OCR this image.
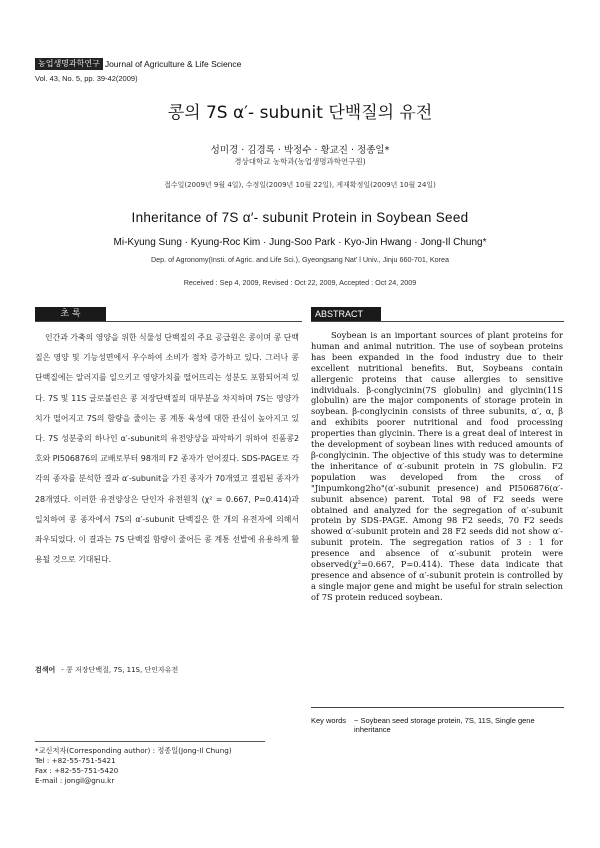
농업생명과학연구 Journal of Agriculture & Life Science
Vol. 43, No. 5, pp. 39-42(2009)
콩의 7S α′- subunit 단백질의 유전
성미경 · 김경록 · 박정수 · 황교진 · 정종일*
경상대학교 농학과(농업생명과학연구원)
접수일(2009년 9월 4일), 수정일(2009년 10월 22일), 게재확정일(2009년 10월 24일)
Inheritance of 7S α′- subunit Protein in Soybean Seed
Mi-Kyung Sung · Kyung-Roc Kim · Jung-Soo Park · Kyo-Jin Hwang · Jong-Il Chung*
Dep. of Agronomy(Insti. of Agric. and Life Sci.), Gyeongsang Nat' l Univ., Jinju 660-701, Korea
Received : Sep 4, 2009, Revised : Oct 22, 2009, Accepted : Oct 24, 2009
초 록	ABSTRACT

인간과 가축의 영양을 위한 식물성 단백질의 주요 공급원은 콩이며 콩 단백질은 영양 및 기능성면에서 우수하여 소비가 점차 증가하고 있다. 그러나 콩 단백질에는 알러지를 일으키고 영양가치를 떨어뜨리는 성분도 포함되어져 있다. 7S 및 11S 글로불린은 콩 저장단백질의 대부분을 차지하며 7S는 영양가치가 떨어지고 7S의 함량을 줄이는 콩 계통 육성에 대한 관심이 높아지고 있다. 7S 성분중의 하나인 α′-subunit의 유전양상을 파악하기 위하여 진품콩2호와 PI506876의 교배로부터 98개의 F2 종자가 얻어졌다. SDS-PAGE로 각각의 종자를 분석한 결과 α′-subunit을 가진 종자가 70개였고 결핍된 종자가 28개였다. 이러한 유전양상은 단인자 유전원칙 (χ² = 0.667, P=0.414)과 일치하여 콩 종자에서 7S의 α′-subunit 단백질은 한 개의 유전자에 의해서 좌우되었다. 이 결과는 7S 단백질 함량이 줄어든 콩 계통 선발에 유용하게 활용될 것으로 기대된다.

검색어 - 콩 저장단백질, 7S, 11S, 단인자유전

Soybean is an important sources of plant proteins for human and animal nutrition. The use of soybean proteins has been expanded in the food industry due to their excellent nutritional benefits. But, Soybeans contain allergenic proteins that cause allergies to sensitive individuals. β-conglycinin(7S globulin) and glycinin(11S globulin) are the major components of storage protein in soybean. β-conglycinin consists of three subunits, α′, α, β and exhibits poorer nutritional and food processing properties than glycinin. There is a great deal of interest in the development of soybean lines with reduced amounts of β-conglycinin. The objective of this study was to determine the inheritance of α′-subunit protein in 7S globulin. F2 population was developed from the cross of "Jinpumkong2ho"(α′-subunit presence) and PI506876(α′-subunit absence) parent. Total 98 of F2 seeds were obtained and analyzed for the segregation of α′-subunit protein by SDS-PAGE. Among 98 F2 seeds, 70 F2 seeds showed α′-subunit protein and 28 F2 seeds did not show α′-subunit protein. The segregation ratios of 3 : 1 for presence and absence of α′-subunit protein were observed(χ²=0.667, P=0.414). These data indicate that presence and absence of α′-subunit protein is controlled by a single major gene and might be useful for strain selection of 7S protein reduced soybean.

Key words − Soybean seed storage protein, 7S, 11S, Single gene inheritance
*교신저자(Corresponding author) : 정종일(Jong-Il Chung)
Tel : +82-55-751-5421
Fax : +82-55-751-5420
E-mail : jongil@gnu.kr
